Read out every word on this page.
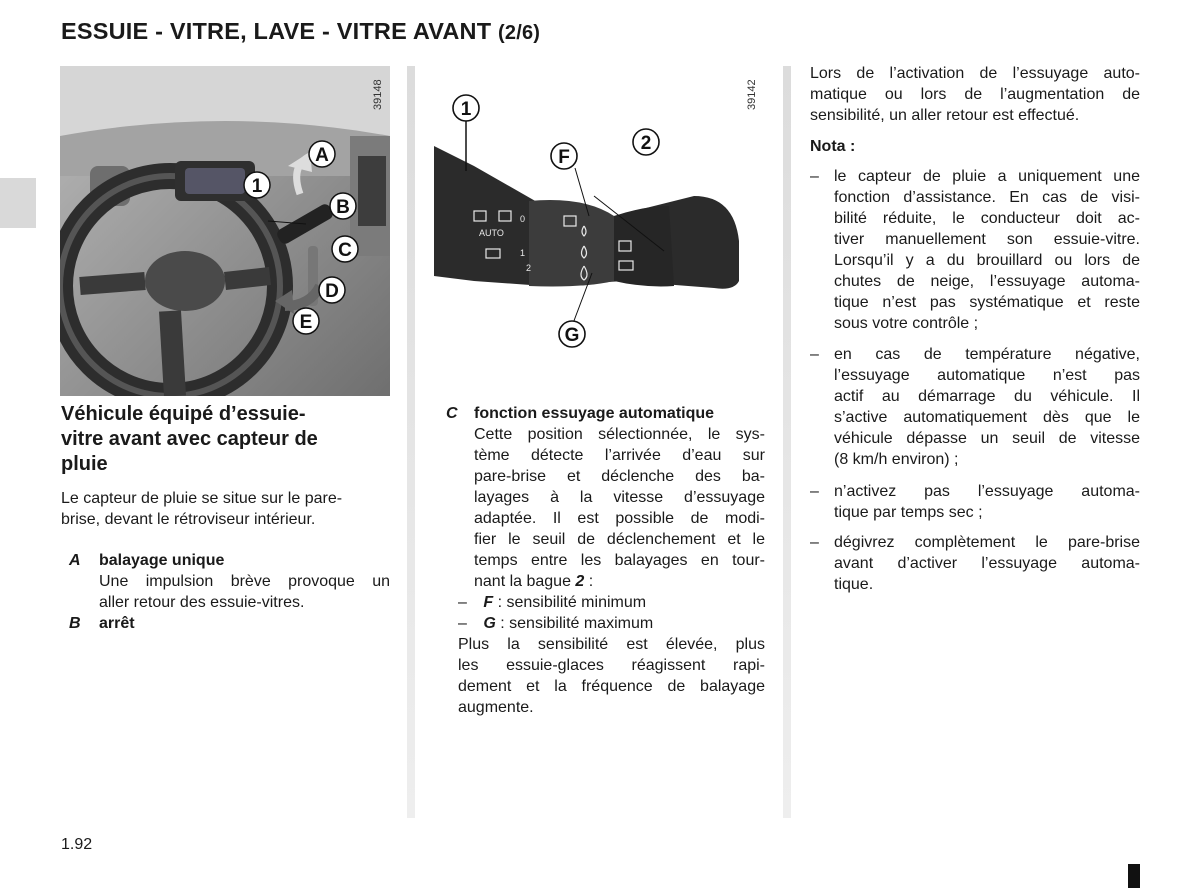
ESSUIE - VITRE, LAVE - VITRE AVANT (2/6)
A
1
B
C
D
E
39148
AUTO
0
1
2
1
2
F
G
39142
Véhicule équipé d’essuie-
vitre avant avec capteur de
pluie
Le capteur de pluie se situe sur le pare-
brise, devant le rétroviseur intérieur.
A balayage unique
Une impulsion brève provoque un
aller retour des essuie-vitres.
B arrêt
C fonction essuyage automatique
Cette position sélectionnée, le sys-
tème détecte l’arrivée d’eau sur
pare-brise et déclenche des ba-
layages à la vitesse d’essuyage
adaptée. Il est possible de modi-
fier le seuil de déclenchement et le
temps entre les balayages en tour-
nant la bague 2 :
– F : sensibilité minimum
– G : sensibilité maximum
Plus la sensibilité est élevée, plus
les essuie-glaces réagissent rapi-
dement et la fréquence de balayage
augmente.
Lors de l’activation de l’essuyage auto-
matique ou lors de l’augmentation de
sensibilité, un aller retour est effectué.
Nota :
– le capteur de pluie a uniquement une
fonction d’assistance. En cas de visi-
bilité réduite, le conducteur doit ac-
tiver manuellement son essuie-vitre.
Lorsqu’il y a du brouillard ou lors de
chutes de neige, l’essuyage automa-
tique n’est pas systématique et reste
sous votre contrôle ;
– en cas de température négative,
l’essuyage automatique n’est pas
actif au démarrage du véhicule. Il
s’active automatiquement dès que le
véhicule dépasse un seuil de vitesse
(8 km/h environ) ;
– n’activez pas l’essuyage automa-
tique par temps sec ;
– dégivrez complètement le pare-brise
avant d’activer l’essuyage automa-
tique.
1.92
